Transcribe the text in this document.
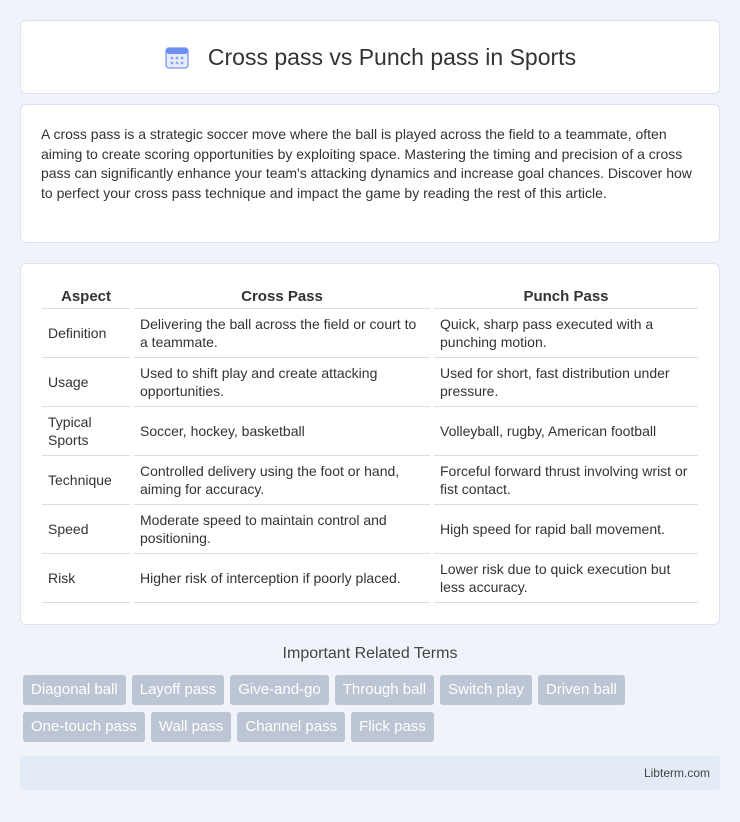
Cross pass vs Punch pass in Sports

A cross pass is a strategic soccer move where the ball is played across the field to a teammate, often aiming to create scoring opportunities by exploiting space. Mastering the timing and precision of a cross pass can significantly enhance your team's attacking dynamics and increase goal chances. Discover how to perfect your cross pass technique and impact the game by reading the rest of this article.

Aspect	Cross Pass	Punch Pass
Definition	Delivering the ball across the field or court to a teammate.	Quick, sharp pass executed with a punching motion.
Usage	Used to shift play and create attacking opportunities.	Used for short, fast distribution under pressure.
Typical Sports	Soccer, hockey, basketball	Volleyball, rugby, American football
Technique	Controlled delivery using the foot or hand, aiming for accuracy.	Forceful forward thrust involving wrist or fist contact.
Speed	Moderate speed to maintain control and positioning.	High speed for rapid ball movement.
Risk	Higher risk of interception if poorly placed.	Lower risk due to quick execution but less accuracy.
Important Related Terms
Diagonal ball	Layoff pass	Give-and-go	Through ball	Switch play	Driven ball
One-touch pass	Wall pass	Channel pass	Flick pass
Libterm.com
